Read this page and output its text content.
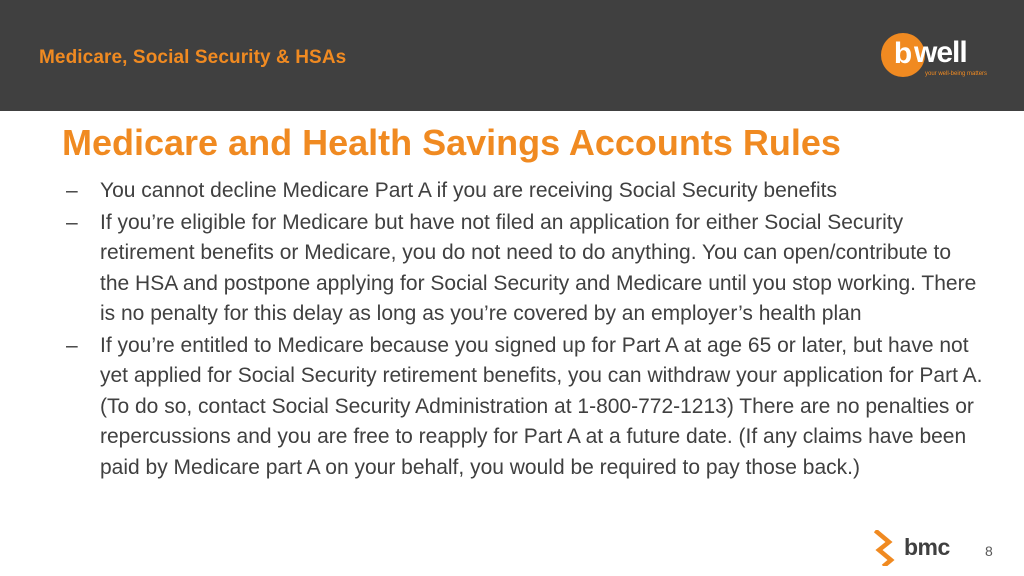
Medicare, Social Security & HSAs	b well
your well-being matters
Medicare and Health Savings Accounts Rules
– You cannot decline Medicare Part A if you are receiving Social Security benefits
– If you’re eligible for Medicare but have not filed an application for either Social Security retirement benefits or Medicare, you do not need to do anything. You can open/contribute to the HSA and postpone applying for Social Security and Medicare until you stop working. There is no penalty for this delay as long as you’re covered by an employer’s health plan
– If you’re entitled to Medicare because you signed up for Part A at age 65 or later, but have not yet applied for Social Security retirement benefits, you can withdraw your application for Part A. (To do so, contact Social Security Administration at 1-800-772-1213) There are no penalties or repercussions and you are free to reapply for Part A at a future date. (If any claims have been paid by Medicare part A on your behalf, you would be required to pay those back.)
bmc	8
